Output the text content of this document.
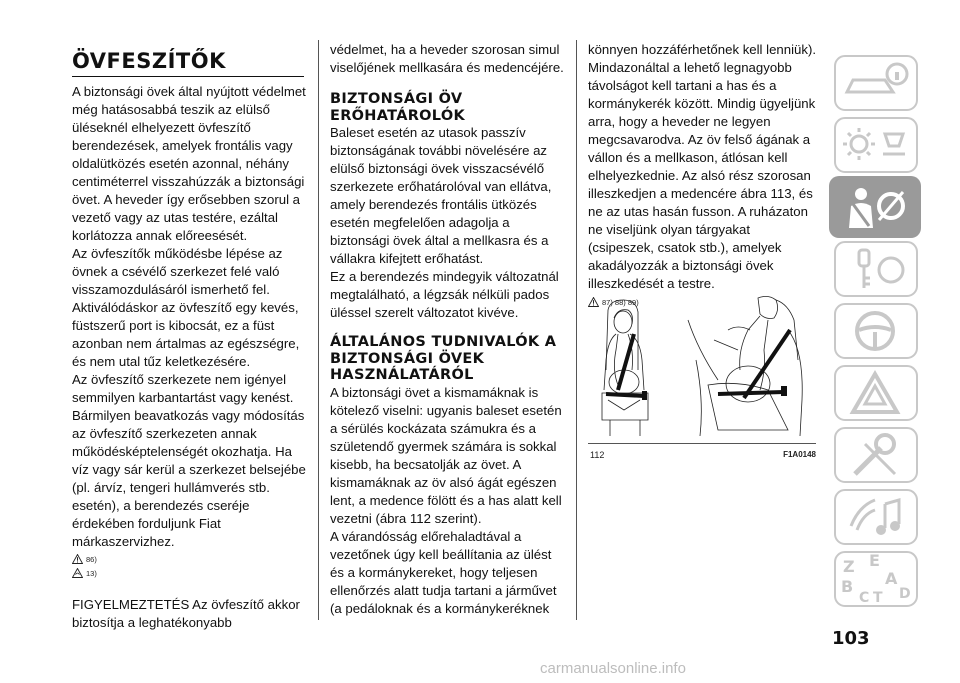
ÖVFESZÍTŐK

A biztonsági övek által nyújtott védelmet még hatásosabbá teszik az elülső üléseknél elhelyezett övfeszítő berendezések, amelyek frontális vagy oldalütközés esetén azonnal, néhány centiméterrel visszahúzzák a biztonsági övet. A heveder így erősebben szorul a vezető vagy az utas testére, ezáltal korlátozza annak előreesését.

Az övfeszítők működésbe lépése az övnek a csévélő szerkezet felé való visszamozdulásáról ismerhető fel.

Aktiválódáskor az övfeszítő egy kevés, füstszerű port is kibocsát, ez a füst azonban nem ártalmas az egészségre, és nem utal tűz keletkezésére.

Az övfeszítő szerkezete nem igényel semmilyen karbantartást vagy kenést. Bármilyen beavatkozás vagy módosítás az övfeszítő szerkezeten annak működésképtelenségét okozhatja. Ha víz vagy sár kerül a szerkezet belsejébe (pl. árvíz, tengeri hullámverés stb. esetén), a berendezés cseréje érdekében forduljunk Fiat márkaszervizhez.

86)
13)

FIGYELMEZTETÉS Az övfeszítő akkor biztosítja a leghatékonyabb

védelmet, ha a heveder szorosan simul viselőjének mellkasára és medencéjére.

BIZTONSÁGI ÖV ERŐHATÁROLÓK

Baleset esetén az utasok passzív biztonságának további növelésére az elülső biztonsági övek visszacsévélő szerkezete erőhatárolóval van ellátva, amely berendezés frontális ütközés esetén megfelelően adagolja a biztonsági övek által a mellkasra és a vállakra kifejtett erőhatást.

Ez a berendezés mindegyik változatnál megtalálható, a légzsák nélküli pados üléssel szerelt változatot kivéve.

ÁLTALÁNOS TUDNIVALÓK A BIZTONSÁGI ÖVEK HASZNÁLATÁRÓL

A biztonsági övet a kismamáknak is kötelező viselni: ugyanis baleset esetén a sérülés kockázata számukra és a születendő gyermek számára is sokkal kisebb, ha becsatolják az övet. A kismamáknak az öv alsó ágát egészen lent, a medence fölött és a has alatt kell vezetni (ábra 112 szerint).

A várandósság előrehaladtával a vezetőnek úgy kell beállítania az ülést és a kormánykereket, hogy teljesen ellenőrzés alatt tudja tartani a járművet (a pedáloknak és a kormánykeréknek

könnyen hozzáférhetőnek kell lenniük). Mindazonáltal a lehető legnagyobb távolságot kell tartani a has és a kormánykerék között. Mindig ügyeljünk arra, hogy a heveder ne legyen megcsavarodva. Az öv felső ágának a vállon és a mellkason, átlósan kell elhelyezkednie. Az alsó rész szorosan illeszkedjen a medencére ábra 113, és ne az utas hasán fusson. A ruházaton ne viseljünk olyan tárgyakat (csipeszek, csatok stb.), amelyek akadályozzák a biztonsági övek illeszkedését a testre.

87) 88) 89)
112	F1A0148
103
Z E
B A
C T D
carmanualsonline.info
